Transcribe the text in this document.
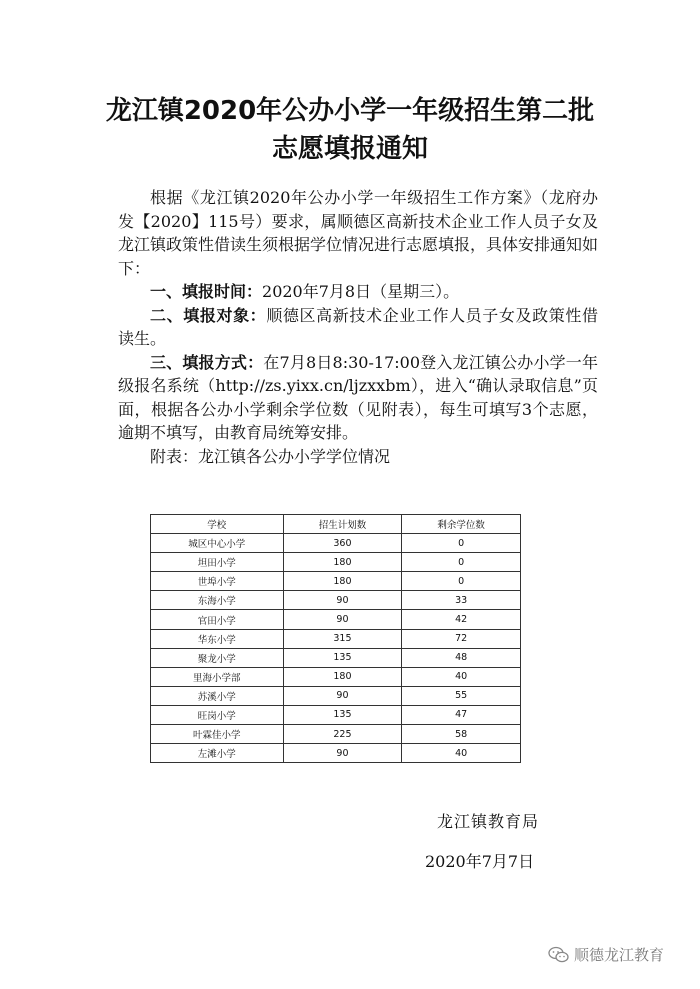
龙江镇2020年公办小学一年级招生第二批
志愿填报通知

根据《龙江镇2020年公办小学一年级招生工作方案》（龙府办发【2020】115号）要求，属顺德区高新技术企业工作人员子女及龙江镇政策性借读生须根据学位情况进行志愿填报，具体安排通知如下：

一、填报时间：2020年7月8日（星期三）。

二、填报对象：顺德区高新技术企业工作人员子女及政策性借读生。

三、填报方式：在7月8日8:30-17:00登入龙江镇公办小学一年级报名系统（http://zs.yixx.cn/ljzxxbm），进入“确认录取信息”页面，根据各公办小学剩余学位数（见附表），每生可填写3个志愿，逾期不填写，由教育局统筹安排。

附表：龙江镇各公办小学学位情况

学校	招生计划数	剩余学位数
城区中心小学	360	0
坦田小学	180	0
世埠小学	180	0
东海小学	90	33
官田小学	90	42
华东小学	315	72
聚龙小学	135	48
里海小学部	180	40
苏溪小学	90	55
旺岗小学	135	47
叶霖佳小学	225	58
左滩小学	90	40
龙江镇教育局
2020年7月7日
顺德龙江教育
